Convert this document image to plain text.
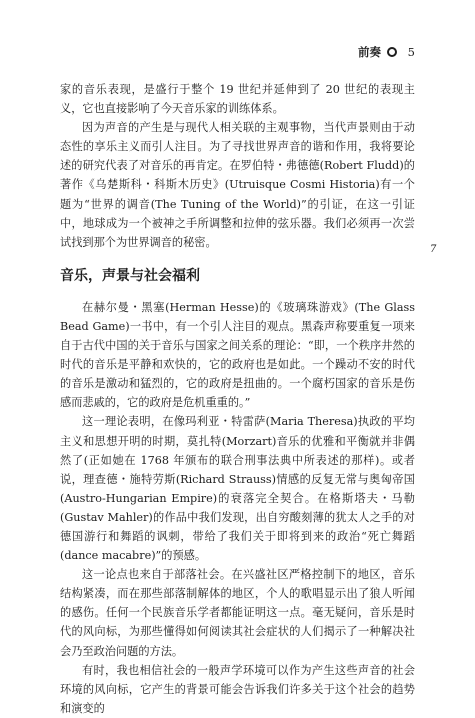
前奏 5
7

家的音乐表现，是盛行于整个 19 世纪并延伸到了 20 世纪的表现主义，它也直接影响了今天音乐家的训练体系。

因为声音的产生是与现代人相关联的主观事物，当代声景则由于动态性的享乐主义而引人注目。为了寻找世界声音的谐和作用，我将要论述的研究代表了对音乐的再肯定。在罗伯特・弗德德(Robert Fludd)的著作《乌楚斯科・科斯木历史》(Utruisque Cosmi Historia)有一个题为“世界的调音(The Tuning of the World)”的引证，在这一引证中，地球成为一个被神之手所调整和拉伸的弦乐器。我们必须再一次尝试找到那个为世界调音的秘密。

音乐，声景与社会福利

在赫尔曼・黑塞(Herman Hesse)的《玻璃珠游戏》(The Glass Bead Game)一书中，有一个引人注目的观点。黑森声称要重复一项来自于古代中国的关于音乐与国家之间关系的理论：“即，一个秩序井然的时代的音乐是平静和欢快的，它的政府也是如此。一个躁动不安的时代的音乐是激动和猛烈的，它的政府是扭曲的。一个腐朽国家的音乐是伤感而悲戚的，它的政府是危机重重的。”

这一理论表明，在像玛利亚・特雷萨(Maria Theresa)执政的平均主义和思想开明的时期，莫扎特(Morzart)音乐的优雅和平衡就并非偶然了(正如她在 1768 年颁布的联合刑事法典中所表述的那样)。或者说，理查德・施特劳斯(Richard Strauss)情感的反复无常与奥匈帝国(Austro-Hungarian Empire)的衰落完全契合。在格斯塔夫・马勒(Gustav Mahler)的作品中我们发现，出自穷酸刻薄的犹太人之手的对德国游行和舞蹈的讽刺，带给了我们关于即将到来的政治“死亡舞蹈(dance macabre)”的预感。

这一论点也来自于部落社会。在兴盛社区严格控制下的地区，音乐结构紧凑，而在那些部落制解体的地区，个人的歌唱显示出了狼人听闻的感伤。任何一个民族音乐学者都能证明这一点。毫无疑问，音乐是时代的风向标，为那些懂得如何阅读其社会症状的人们揭示了一种解决社会乃至政治问题的方法。

有时，我也相信社会的一般声学环境可以作为产生这些声音的社会环境的风向标，它产生的背景可能会告诉我们许多关于这个社会的趋势和演变的
